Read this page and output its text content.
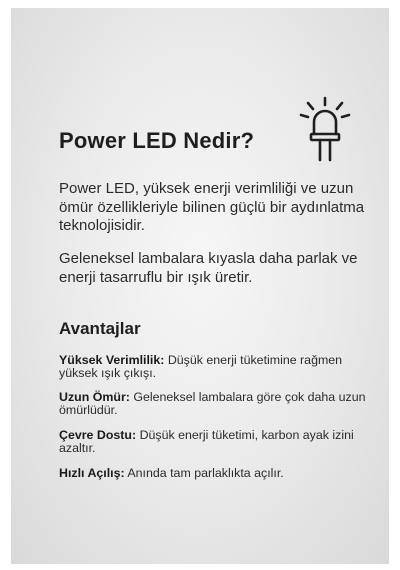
Power LED Nedir?

Power LED, yüksek enerji verimliliği ve uzun ömür özellikleriyle bilinen güçlü bir aydınlatma teknolojisidir.

Geleneksel lambalara kıyasla daha parlak ve enerji tasarruflu bir ışık üretir.

Avantajlar

Yüksek Verimlilik: Düşük enerji tüketimine rağmen yüksek ışık çıkışı.

Uzun Ömür: Geleneksel lambalara göre çok daha uzun ömürlüdür.

Çevre Dostu: Düşük enerji tüketimi, karbon ayak izini azaltır.

Hızlı Açılış: Anında tam parlaklıkta açılır.
